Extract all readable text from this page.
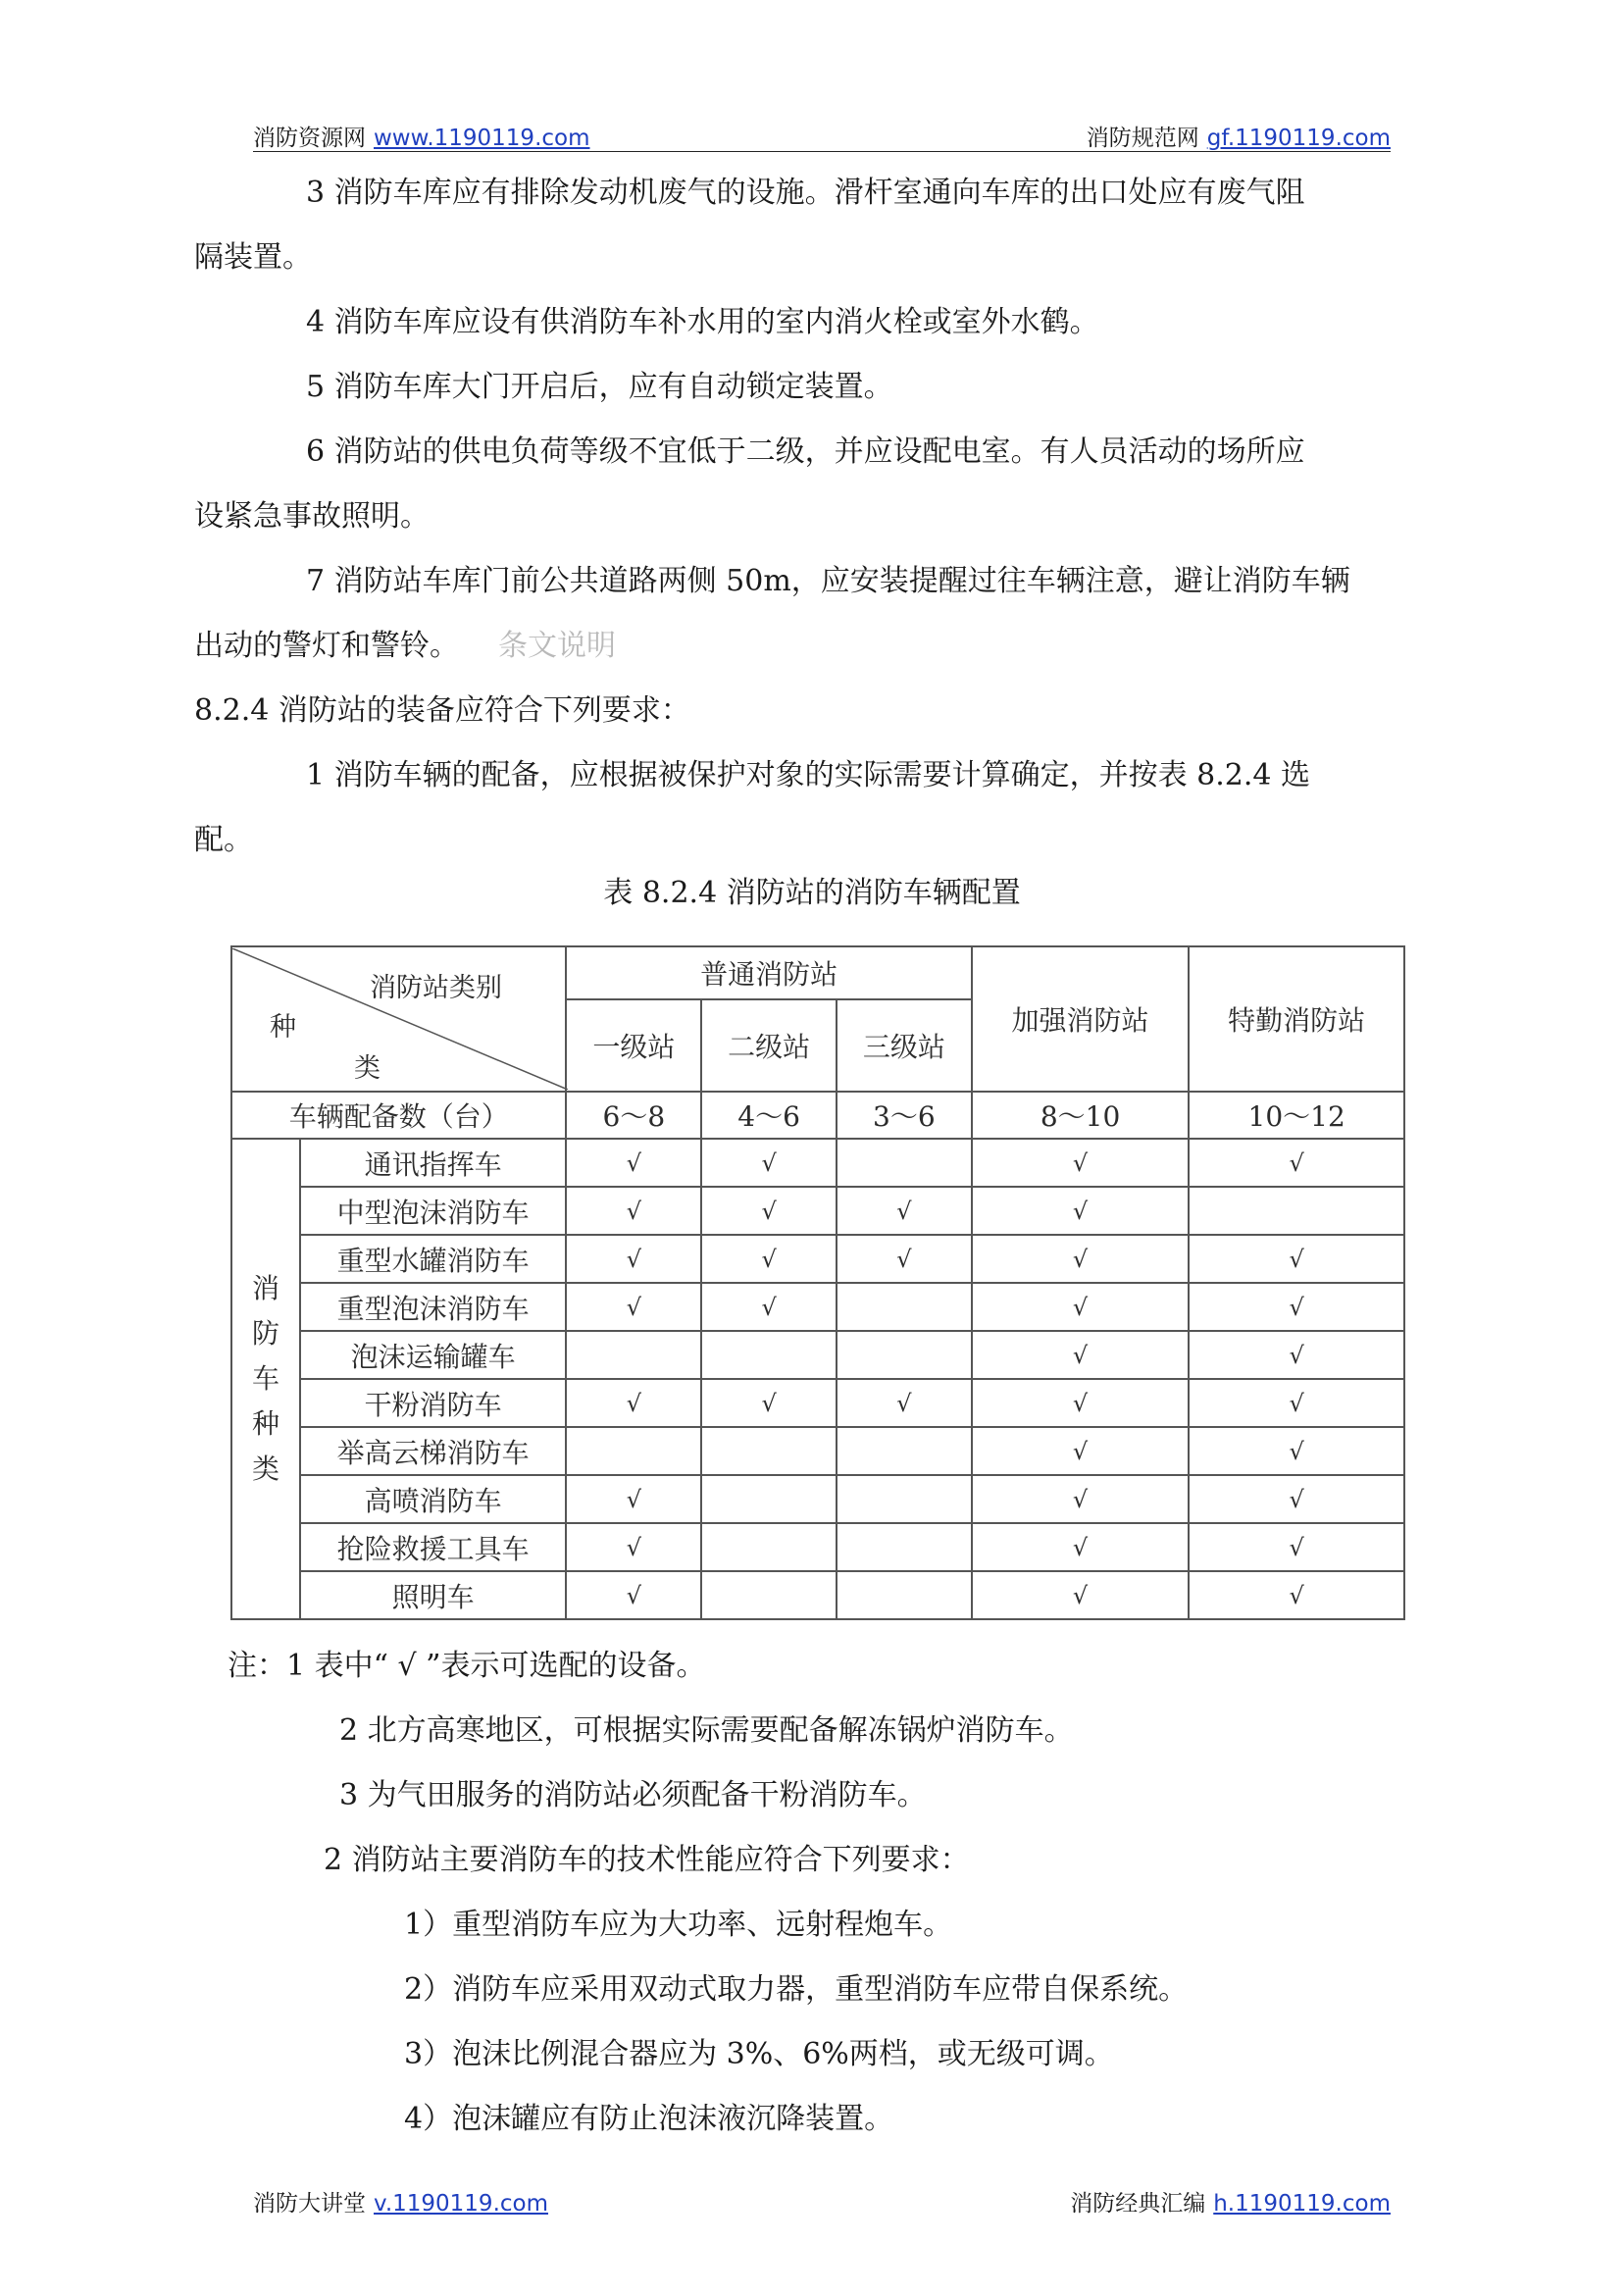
消防资源网 www.1190119.com	消防规范网 gf.1190119.com
3 消防车库应有排除发动机废气的设施。滑杆室通向车库的出口处应有废气阻
隔装置。
4 消防车库应设有供消防车补水用的室内消火栓或室外水鹤。
5 消防车库大门开启后，应有自动锁定装置。
6 消防站的供电负荷等级不宜低于二级，并应设配电室。有人员活动的场所应
设紧急事故照明。
7 消防站车库门前公共道路两侧 50m，应安装提醒过往车辆注意，避让消防车辆
出动的警灯和警铃。 条文说明
8.2.4 消防站的装备应符合下列要求：
1 消防车辆的配备，应根据被保护对象的实际需要计算确定，并按表 8.2.4 选
配。
表 8.2.4 消防站的消防车辆配置
消防站类别
种
类		普通消防站			加强消防站	特勤消防站
		一级站	二级站	三级站		
车辆配备数（台）		6～8	4～6	3～6	8～10	10～12
消
防
车
种
类	通讯指挥车	√	√		√	√
	中型泡沫消防车	√	√	√	√	
	重型水罐消防车	√	√	√	√	√
	重型泡沫消防车	√	√		√	√
	泡沫运输罐车				√	√
	干粉消防车	√	√	√	√	√
	举高云梯消防车				√	√
	高喷消防车	√			√	√
	抢险救援工具车	√			√	√
	照明车	√			√	√
注：1 表中“ √ ”表示可选配的设备。
2 北方高寒地区，可根据实际需要配备解冻锅炉消防车。
3 为气田服务的消防站必须配备干粉消防车。
2 消防站主要消防车的技术性能应符合下列要求：
1）重型消防车应为大功率、远射程炮车。
2）消防车应采用双动式取力器，重型消防车应带自保系统。
3）泡沫比例混合器应为 3%、6%两档，或无级可调。
4）泡沫罐应有防止泡沫液沉降装置。
消防大讲堂 v.1190119.com	消防经典汇编 h.1190119.com
